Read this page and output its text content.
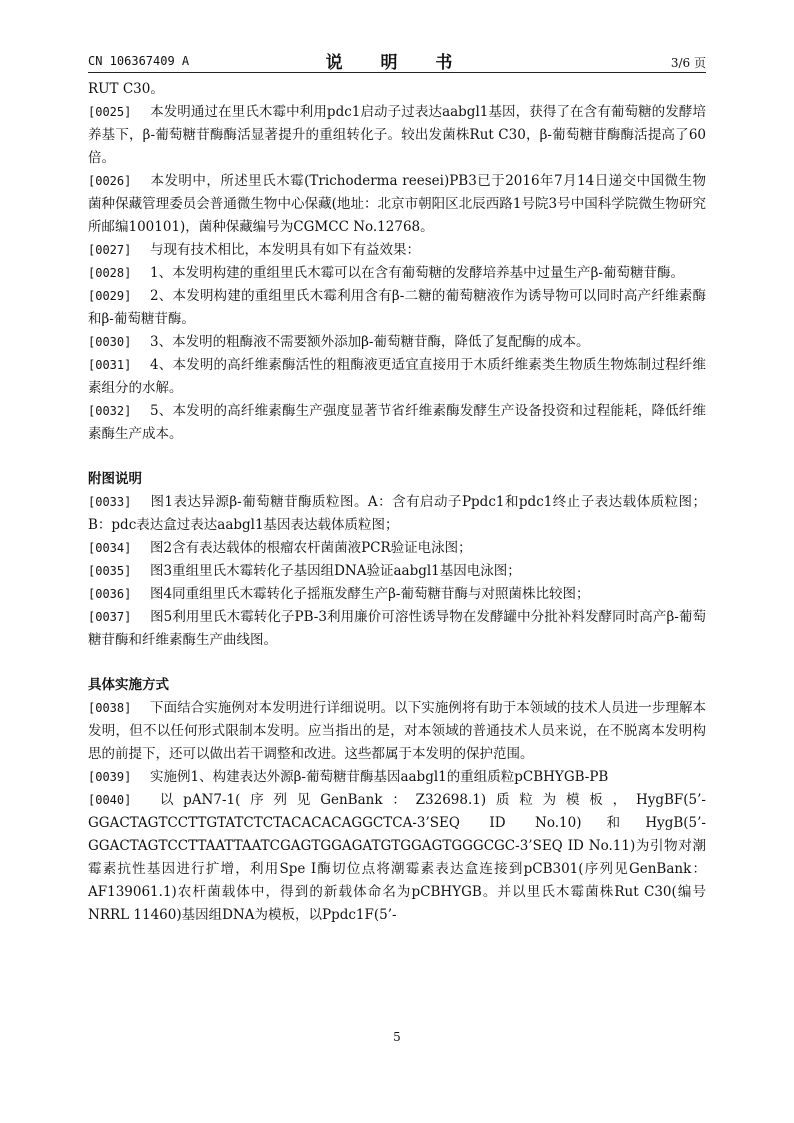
CN 106367409 A	说 明 书	3/6 页

RUT C30。

[0025] 本发明通过在里氏木霉中利用pdc1启动子过表达aabgl1基因，获得了在含有葡萄糖的发酵培养基下，β-葡萄糖苷酶酶活显著提升的重组转化子。较出发菌株Rut C30，β-葡萄糖苷酶酶活提高了60倍。

[0026] 本发明中，所述里氏木霉(Trichoderma reesei)PB3已于2016年7月14日递交中国微生物菌种保藏管理委员会普通微生物中心保藏(地址：北京市朝阳区北辰西路1号院3号中国科学院微生物研究所邮编100101)，菌种保藏编号为CGMCC No.12768。

[0027] 与现有技术相比，本发明具有如下有益效果：

[0028] 1、本发明构建的重组里氏木霉可以在含有葡萄糖的发酵培养基中过量生产β-葡萄糖苷酶。

[0029] 2、本发明构建的重组里氏木霉利用含有β-二糖的葡萄糖液作为诱导物可以同时高产纤维素酶和β-葡萄糖苷酶。

[0030] 3、本发明的粗酶液不需要额外添加β-葡萄糖苷酶，降低了复配酶的成本。

[0031] 4、本发明的高纤维素酶活性的粗酶液更适宜直接用于木质纤维素类生物质生物炼制过程纤维素组分的水解。

[0032] 5、本发明的高纤维素酶生产强度显著节省纤维素酶发酵生产设备投资和过程能耗，降低纤维素酶生产成本。

附图说明

[0033] 图1表达异源β-葡萄糖苷酶质粒图。A：含有启动子Ppdc1和pdc1终止子表达载体质粒图；B：pdc表达盒过表达aabgl1基因表达载体质粒图；

[0034] 图2含有表达载体的根瘤农杆菌菌液PCR验证电泳图；

[0035] 图3重组里氏木霉转化子基因组DNA验证aabgl1基因电泳图；

[0036] 图4同重组里氏木霉转化子摇瓶发酵生产β-葡萄糖苷酶与对照菌株比较图；

[0037] 图5利用里氏木霉转化子PB-3利用廉价可溶性诱导物在发酵罐中分批补料发酵同时高产β-葡萄糖苷酶和纤维素酶生产曲线图。

具体实施方式

[0038] 下面结合实施例对本发明进行详细说明。以下实施例将有助于本领域的技术人员进一步理解本发明，但不以任何形式限制本发明。应当指出的是，对本领域的普通技术人员来说，在不脱离本发明构思的前提下，还可以做出若干调整和改进。这些都属于本发明的保护范围。

[0039] 实施例1、构建表达外源β-葡萄糖苷酶基因aabgl1的重组质粒pCBHYGB-PB

[0040] 以pAN7-1(序列见GenBank：Z32698.1)质粒为模板，HygBF(5’-GGACTAGTCCTTGTATCTCTACACACAGGCTCA-3’SEQ ID No.10)和HygB(5’-GGACTAGTCCTTAATTAATCGAGTGGAGATGTGGAGTGGGCGC-3’SEQ ID No.11)为引物对潮霉素抗性基因进行扩增，利用Spe I酶切位点将潮霉素表达盒连接到pCB301(序列见GenBank：AF139061.1)农杆菌载体中，得到的新载体命名为pCBHYGB。并以里氏木霉菌株Rut C30(编号NRRL 11460)基因组DNA为模板，以Ppdc1F(5’-

5
